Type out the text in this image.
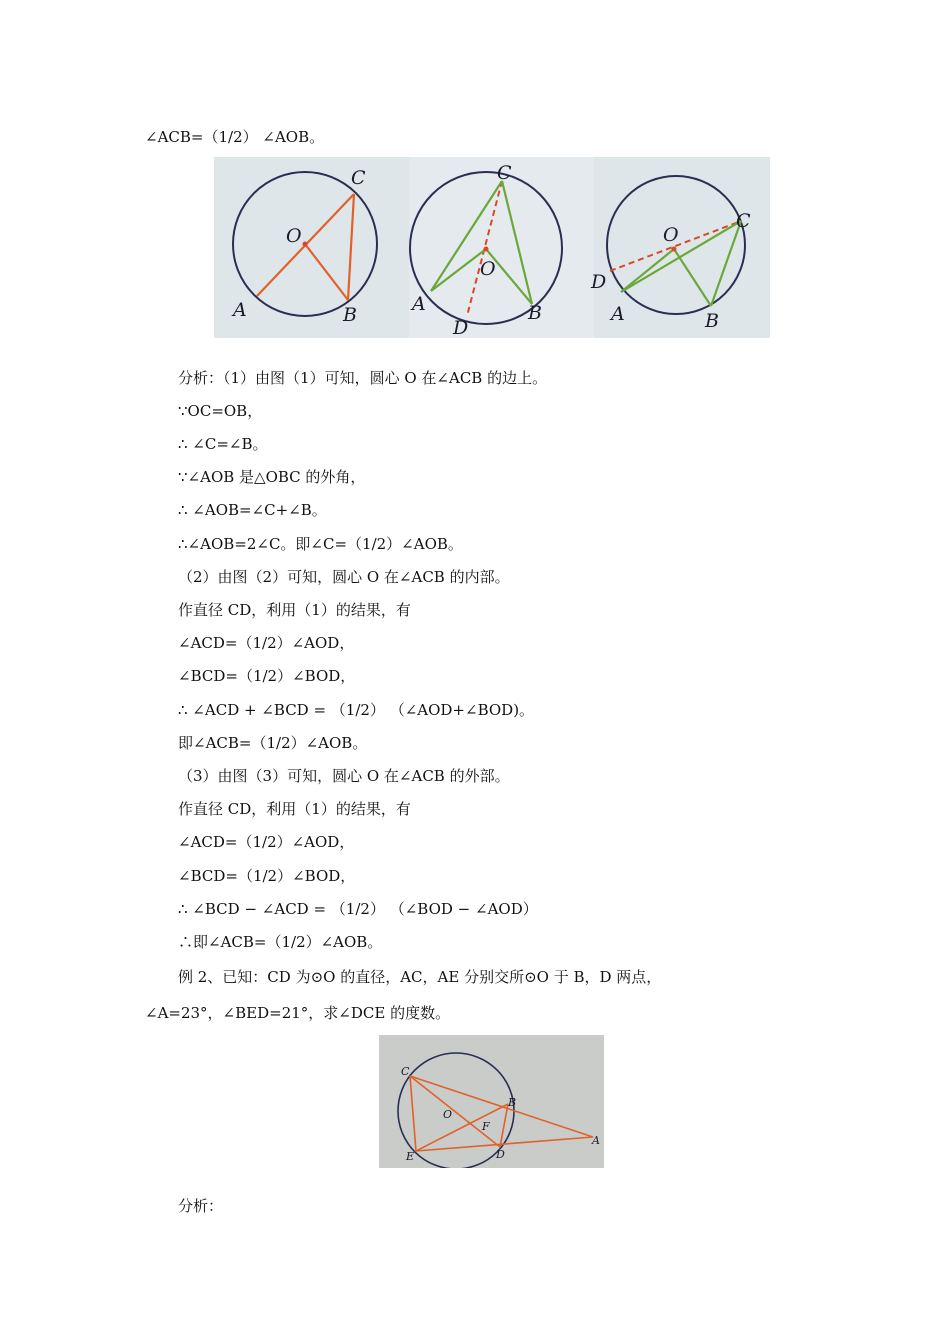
∠ACB=（1/2） ∠AOB。
C
O
A	B
C
O
A	B
D
O
C
D
A	B
分析：（1）由图（1）可知，圆心 O 在∠ACB 的边上。
∵OC=OB，
∴ ∠C=∠B。
∵∠AOB 是△OBC 的外角，
∴ ∠AOB=∠C+∠B。
∴∠AOB=2∠C。即∠C=（1/2）∠AOB。
（2）由图（2）可知，圆心 O 在∠ACB 的内部。
作直径 CD，利用（1）的结果，有
∠ACD=（1/2）∠AOD，
∠BCD=（1/2）∠BOD，
∴ ∠ACD + ∠BCD = （1/2） （∠AOD+∠BOD)。
即∠ACB=（1/2）∠AOB。
（3）由图（3）可知，圆心 O 在∠ACB 的外部。
作直径 CD，利用（1）的结果，有
∠ACD=（1/2）∠AOD，
∠BCD=（1/2）∠BOD，
∴ ∠BCD − ∠ACD = （1/2） （∠BOD − ∠AOD）
∴即∠ACB=（1/2）∠AOB。
例 2、已知：CD 为⊙O 的直径，AC，AE 分别交所⊙O 于 B，D 两点，
∠A=23°，∠BED=21°，求∠DCE 的度数。
C
B
O
F
A
D
E
分析：
